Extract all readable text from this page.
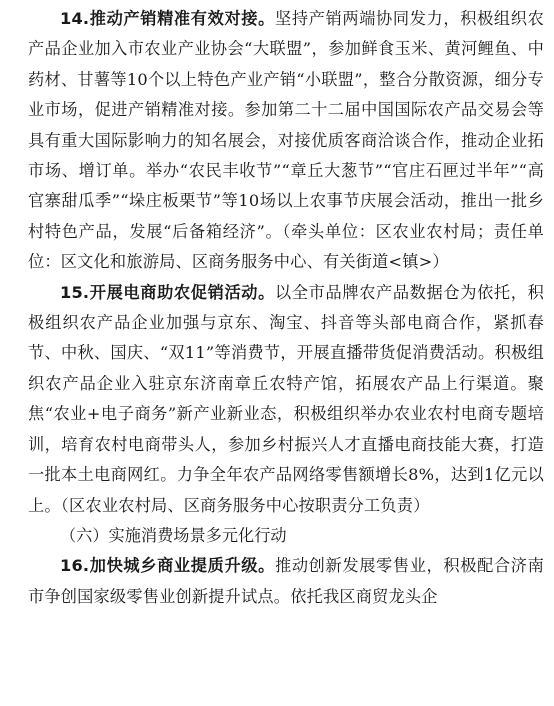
14.推动产销精准有效对接。坚持产销两端协同发力，积极组织农产品企业加入市农业产业协会“大联盟”，参加鲜食玉米、黄河鲤鱼、中药材、甘薯等10个以上特色产业产销“小联盟”，整合分散资源，细分专业市场，促进产销精准对接。参加第二十二届中国国际农产品交易会等具有重大国际影响力的知名展会，对接优质客商洽谈合作，推动企业拓市场、增订单。举办“农民丰收节”“章丘大葱节”“官庄石匣过半年”“高官寨甜瓜季”“垛庄板栗节”等10场以上农事节庆展会活动，推出一批乡村特色产品，发展“后备箱经济”。（牵头单位：区农业农村局；责任单位：区文化和旅游局、区商务服务中心、有关街道<镇>）

15.开展电商助农促销活动。以全市品牌农产品数据仓为依托，积极组织农产品企业加强与京东、淘宝、抖音等头部电商合作，紧抓春节、中秋、国庆、“双11”等消费节，开展直播带货促消费活动。积极组织农产品企业入驻京东济南章丘农特产馆，拓展农产品上行渠道。聚焦“农业+电子商务”新产业新业态，积极组织举办农业农村电商专题培训，培育农村电商带头人，参加乡村振兴人才直播电商技能大赛，打造一批本土电商网红。力争全年农产品网络零售额增长8%，达到1亿元以上。（区农业农村局、区商务服务中心按职责分工负责）

（六）实施消费场景多元化行动

16.加快城乡商业提质升级。推动创新发展零售业，积极配合济南市争创国家级零售业创新提升试点。依托我区商贸龙头企
